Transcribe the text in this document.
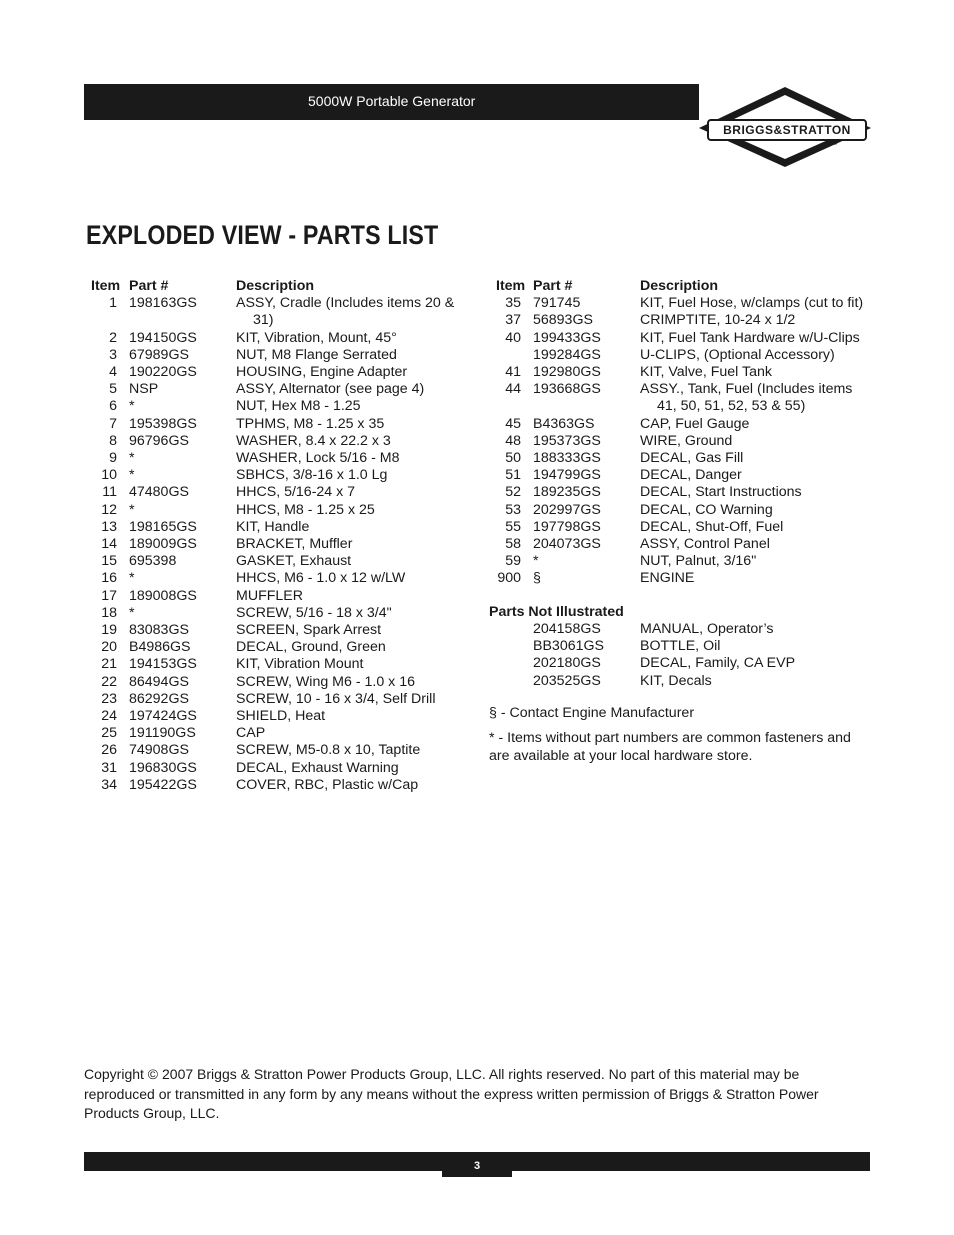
5000W Portable Generator
BRIGGS&STRATTON
®
EXPLODED VIEW - PARTS LIST
Item	Part #	Description
1	198163GS	ASSY, Cradle (Includes items 20 &
31)

2	194150GS	KIT, Vibration, Mount, 45°

3	67989GS	NUT, M8 Flange Serrated

4	190220GS	HOUSING, Engine Adapter

5	NSP	ASSY, Alternator (see page 4)

6	*	NUT, Hex M8 - 1.25

7	195398GS	TPHMS, M8 - 1.25 x 35

8	96796GS	WASHER, 8.4 x 22.2 x 3

9	*	WASHER, Lock 5/16 - M8

10	*	SBHCS, 3/8-16 x 1.0 Lg

11	47480GS	HHCS, 5/16-24 x 7

12	*	HHCS, M8 - 1.25 x 25

13	198165GS	KIT, Handle

14	189009GS	BRACKET, Muffler

15	695398	GASKET, Exhaust

16	*	HHCS, M6 - 1.0 x 12 w/LW

17	189008GS	MUFFLER

18	*	SCREW, 5/16 - 18 x 3/4"

19	83083GS	SCREEN, Spark Arrest

20	B4986GS	DECAL, Ground, Green

21	194153GS	KIT, Vibration Mount

22	86494GS	SCREW, Wing M6 - 1.0 x 16

23	86292GS	SCREW, 10 - 16 x 3/4, Self Drill

24	197424GS	SHIELD, Heat

25	191190GS	CAP

26	74908GS	SCREW, M5-0.8 x 10, Taptite

31	196830GS	DECAL, Exhaust Warning

34	195422GS	COVER, RBC, Plastic w/Cap
Item	Part #	Description
35	791745	KIT, Fuel Hose, w/clamps (cut to fit)

37	56893GS	CRIMPTITE, 10-24 x 1/2

40	199433GS	KIT, Fuel Tank Hardware w/U-Clips

	199284GS	U-CLIPS, (Optional Accessory)

41	192980GS	KIT, Valve, Fuel Tank

44	193668GS	ASSY., Tank, Fuel (Includes items
41, 50, 51, 52, 53 & 55)

45	B4363GS	CAP, Fuel Gauge

48	195373GS	WIRE, Ground

50	188333GS	DECAL, Gas Fill

51	194799GS	DECAL, Danger

52	189235GS	DECAL, Start Instructions

53	202997GS	DECAL, CO Warning

55	197798GS	DECAL, Shut-Off, Fuel

58	204073GS	ASSY, Control Panel

59	*	NUT, Palnut, 3/16"

900	§	ENGINE
Parts Not Illustrated
	204158GS	MANUAL, Operator’s

	BB3061GS	BOTTLE, Oil

	202180GS	DECAL, Family, CA EVP

	203525GS	KIT, Decals
§ - Contact Engine Manufacturer
* - Items without part numbers are common fasteners and are available at your local hardware store.
Copyright © 2007 Briggs & Stratton Power Products Group, LLC. All rights reserved. No part of this material may be reproduced or transmitted in any form by any means without the express written permission of Briggs & Stratton Power Products Group, LLC.
3
